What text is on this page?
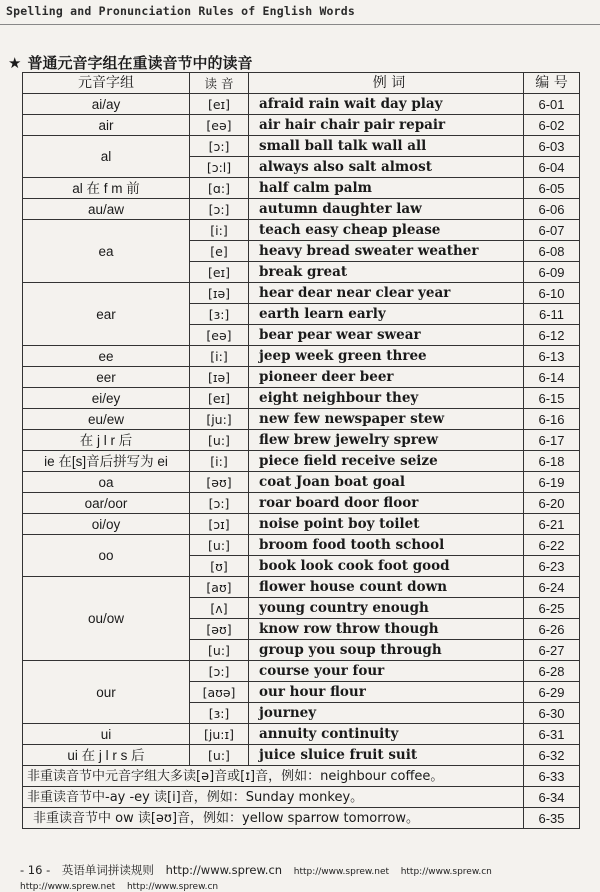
Spelling and Pronunciation Rules of English Words
★ 普通元音字组在重读音节中的读音
元音字组	读 音	例 词	编 号
ai/ay	[eɪ]	afraid rain wait day play	6-01
air	[eə]	air hair chair pair repair	6-02
al	[ɔ:]	small ball talk wall all	6-03
	[ɔ:l]	always also salt almost	6-04
al 在 f m 前	[ɑ:]	half calm palm	6-05
au/aw	[ɔ:]	autumn daughter law	6-06
ea	[i:]	teach easy cheap please	6-07
	[e]	heavy bread sweater weather	6-08
	[eɪ]	break great	6-09
ear	[ɪə]	hear dear near clear year	6-10
	[ɜ:]	earth learn early	6-11
	[eə]	bear pear wear swear	6-12
ee	[i:]	jeep week green three	6-13
eer	[ɪə]	pioneer deer beer	6-14
ei/ey	[eɪ]	eight neighbour they	6-15
eu/ew	[ju:]	new few newspaper stew	6-16
在 j l r 后	[u:]	flew brew jewelry sprew	6-17
ie 在[s]音后拼写为 ei	[i:]	piece field receive seize	6-18
oa	[əʊ]	coat Joan boat goal	6-19
oar/oor	[ɔ:]	roar board door floor	6-20
oi/oy	[ɔɪ]	noise point boy toilet	6-21
oo	[u:]	broom food tooth school	6-22
	[ʊ]	book look cook foot good	6-23
ou/ow	[aʊ]	flower house count down	6-24
	[ʌ]	young country enough	6-25
	[əʊ]	know row throw though	6-26
	[u:]	group you soup through	6-27
our	[ɔ:]	course your four	6-28
	[aʊə]	our hour flour	6-29
	[ɜ:]	journey	6-30
ui	[ju:ɪ]	annuity continuity	6-31
ui 在 j l r s 后	[u:]	juice sluice fruit suit	6-32
非重读音节中元音字组大多读[ə]音或[ɪ]音，例如：neighbour coffee。			6-33
非重读音节中-ay -ey 读[i]音，例如：Sunday monkey。			6-34
非重读音节中 ow 读[əʊ]音，例如：yellow sparrow tomorrow。			6-35
- 16 - 英语单词拼读规则 http://www.sprew.cn http://www.sprew.net http://www.sprew.cn http://www.sprew.net http://www.sprew.cn
